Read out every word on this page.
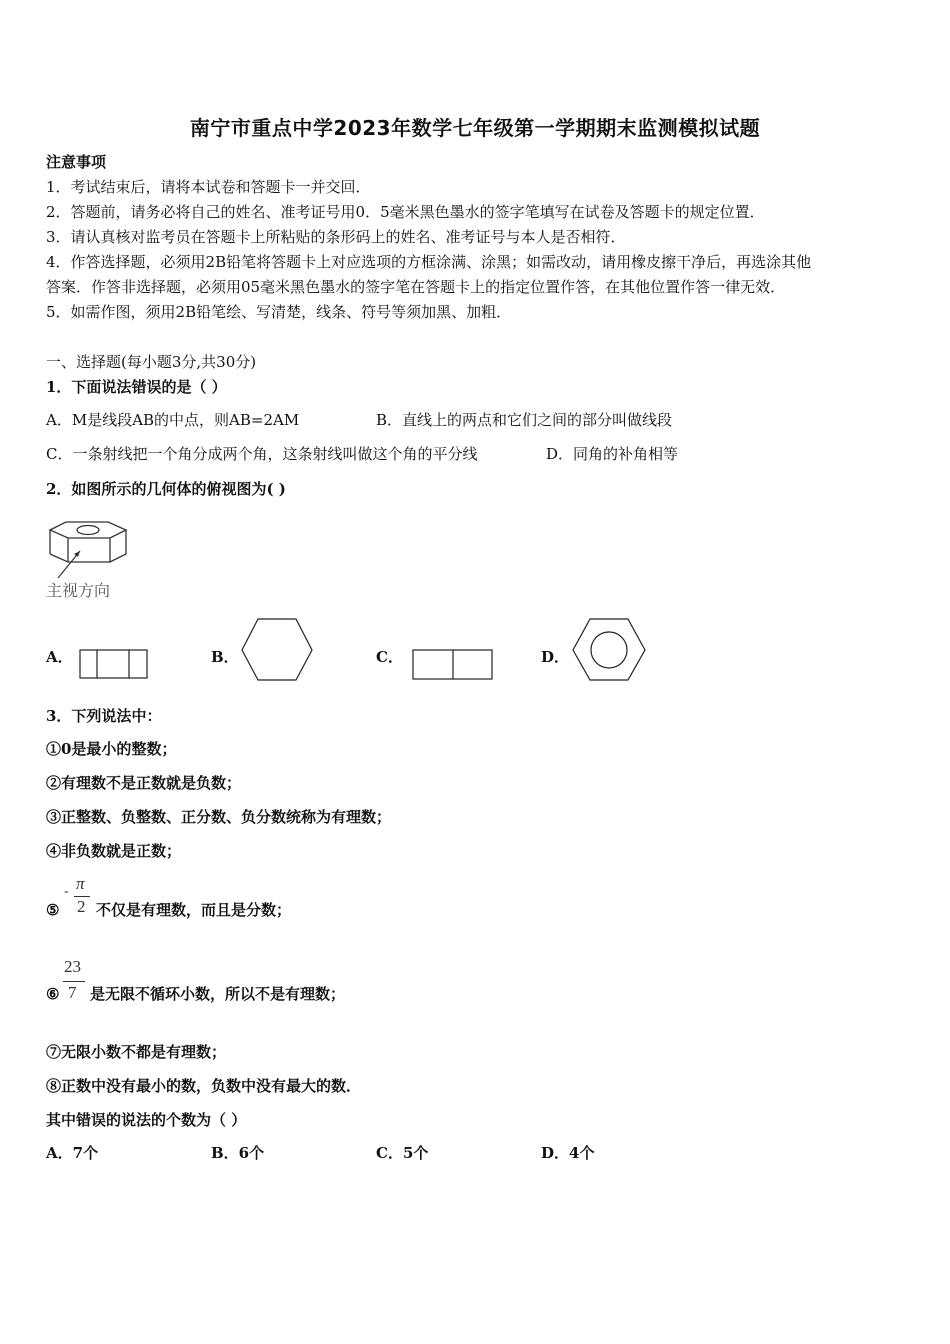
南宁市重点中学2023年数学七年级第一学期期末监测模拟试题
注意事项
1．考试结束后，请将本试卷和答题卡一并交回．
2．答题前，请务必将自己的姓名、准考证号用0．5毫米黑色墨水的签字笔填写在试卷及答题卡的规定位置．
3．请认真核对监考员在答题卡上所粘贴的条形码上的姓名、准考证号与本人是否相符．
4．作答选择题，必须用2B铅笔将答题卡上对应选项的方框涂满、涂黑；如需改动，请用橡皮擦干净后，再选涂其他
答案．作答非选择题，必须用05毫米黑色墨水的签字笔在答题卡上的指定位置作答，在其他位置作答一律无效．
5．如需作图，须用2B铅笔绘、写清楚，线条、符号等须加黑、加粗．
一、选择题(每小题3分,共30分)
1．下面说法错误的是（ ）
A．M是线段AB的中点，则AB=2AM	B．直线上的两点和它们之间的部分叫做线段
C．一条射线把一个角分成两个角，这条射线叫做这个角的平分线	D．同角的补角相等
2．如图所示的几何体的俯视图为( )
主视方向
A．	B．	C．	D．
3．下列说法中：
①0是最小的整数；
②有理数不是正数就是负数；
③正整数、负整数、正分数、负分数统称为有理数；
④非负数就是正数；
⑤
- π
2 不仅是有理数，而且是分数；
⑥
23
7 是无限不循环小数，所以不是有理数；
⑦无限小数不都是有理数；
⑧正数中没有最小的数，负数中没有最大的数．
其中错误的说法的个数为（ ）
A．7个	B．6个	C．5个	D．4个
